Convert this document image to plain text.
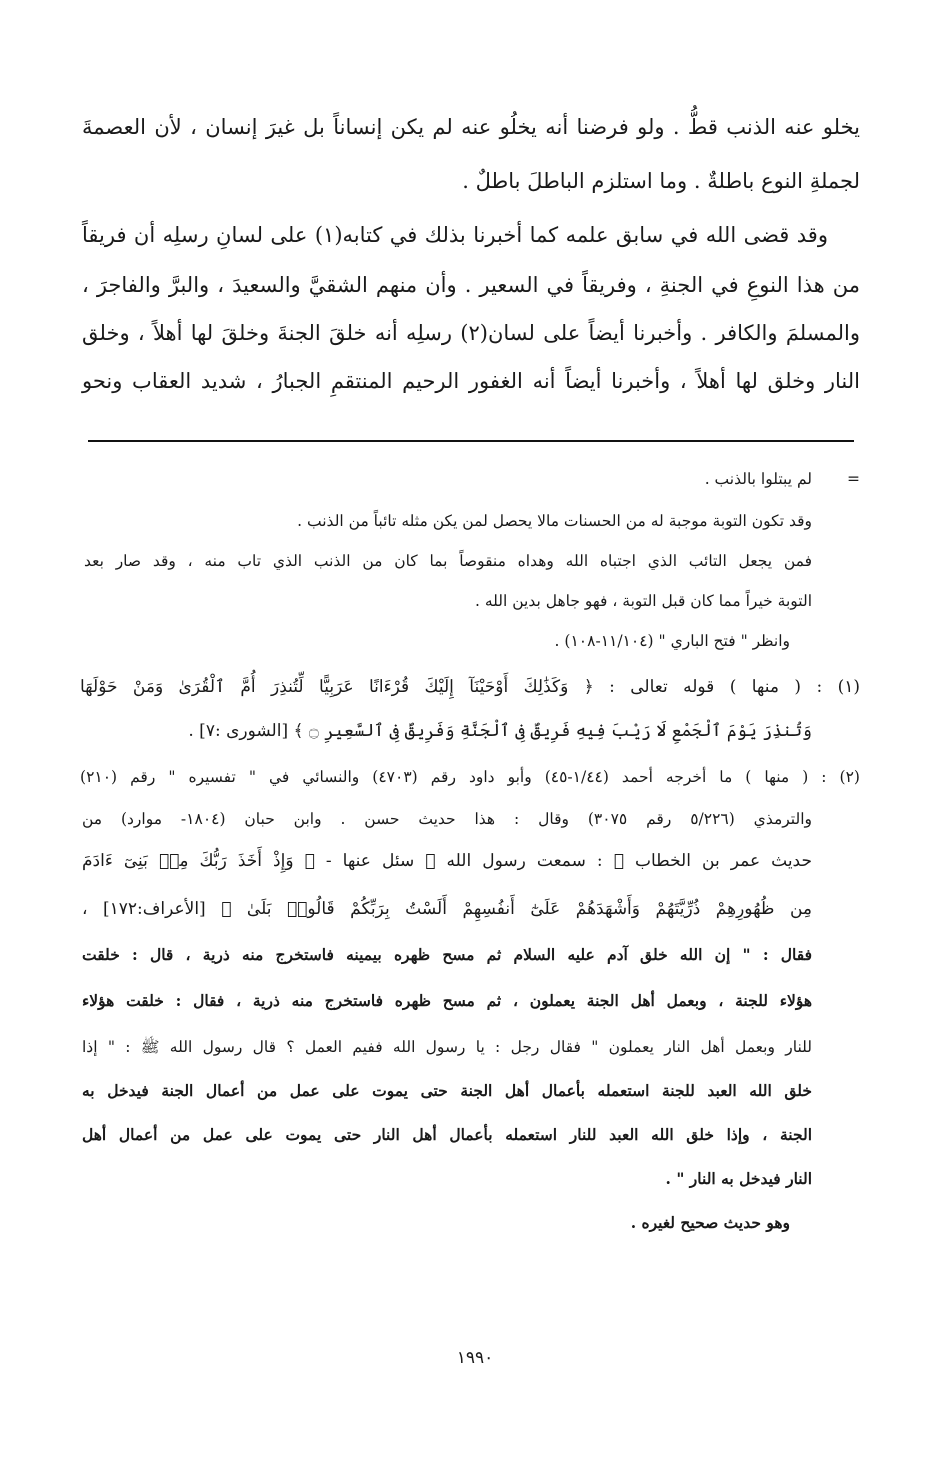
يخلو عنه الذنب قطُّ . ولو فرضنا أنه يخلُو عنه لم يكن إنساناً بل غيرَ إنسان ، لأن العصمةَ
لجملةِ النوع باطلةٌ . وما استلزم الباطلَ باطلٌ .
وقد قضى الله في سابق علمه كما أخبرنا بذلك في كتابه(١) على لسانِ رسلِه أن فريقاً
من هذا النوعِ في الجنةِ ، وفريقاً في السعير . وأن منهم الشقيَّ والسعيدَ ، والبرَّ والفاجرَ ،
والمسلمَ والكافر . وأخبرنا أيضاً على لسان(٢) رسلِه أنه خلقَ الجنةَ وخلقَ لها أهلاً ، وخلق
النار وخلق لها أهلاً ، وأخبرنا أيضاً أنه الغفور الرحيم المنتقمِ الجبارُ ، شديد العقاب ونحو
=
لم يبتلوا بالذنب .
وقد تكون التوبة موجبة له من الحسنات مالا يحصل لمن يكن مثله تائباً من الذنب .
فمن يجعل التائب الذي اجتباه الله وهداه منقوصاً بما كان من الذنب الذي تاب منه ، وقد صار بعد
التوبة خيراً مما كان قبل التوبة ، فهو جاهل بدين الله .
وانظر " فتح الباري " (١١/١٠٤-١٠٨) .
(١) : ( منها ) قوله تعالى : ﴿ وَكَذَٰلِكَ أَوْحَيْنَآ إِلَيْكَ قُرْءَانًا عَرَبِيًّا لِّتُنذِرَ أُمَّ ٱلْقُرَىٰ وَمَنْ حَوْلَهَا
وَتُنذِرَ يَوْمَ ٱلْجَمْعِ لَا رَيْبَ فِيهِ فَرِيقٌ فِى ٱلْجَنَّةِ وَفَرِيقٌ فِى ٱلسَّعِيرِ ۝ ﴾ [الشورى :٧] .
(٢) : ( منها ) ما أخرجه أحمد (١/٤٤-٤٥) وأبو داود رقم (٤٧٠٣) والنسائي في " تفسيره " رقم (٢١٠)
والترمذي (٥/٢٢٦ رقم ٣٠٧٥) وقال : هذا حديث حسن . وابن حبان (١٨٠٤- موارد) من
حديث عمر بن الخطاب ﷺ : سمعت رسول الله ﷺ سئل عنها - ﴿ وَإِذْ أَخَذَ رَبُّكَ مِنۢ بَنِىٓ ءَادَمَ
مِن ظُهُورِهِمْ ذُرِّيَّتَهُمْ وَأَشْهَدَهُمْ عَلَىٰٓ أَنفُسِهِمْ أَلَسْتُ بِرَبِّكُمْ قَالُوا۟ بَلَىٰ ﴾ [الأعراف:١٧٢] ،
فقال : " إن الله خلق آدم عليه السلام ثم مسح ظهره بيمينه فاستخرج منه ذرية ، قال : خلقت
هؤلاء للجنة ، وبعمل أهل الجنة يعملون ، ثم مسح ظهره فاستخرج منه ذرية ، فقال : خلقت هؤلاء
للنار وبعمل أهل النار يعملون " فقال رجل : يا رسول الله ففيم العمل ؟ قال رسول الله ﷺ : " إذا
خلق الله العبد للجنة استعمله بأعمال أهل الجنة حتى يموت على عمل من أعمال الجنة فيدخل به
الجنة ، وإذا خلق الله العبد للنار استعمله بأعمال أهل النار حتى يموت على عمل من أعمال أهل
النار فيدخل به النار " .
وهو حديث صحيح لغيره .
١٩٩٠
